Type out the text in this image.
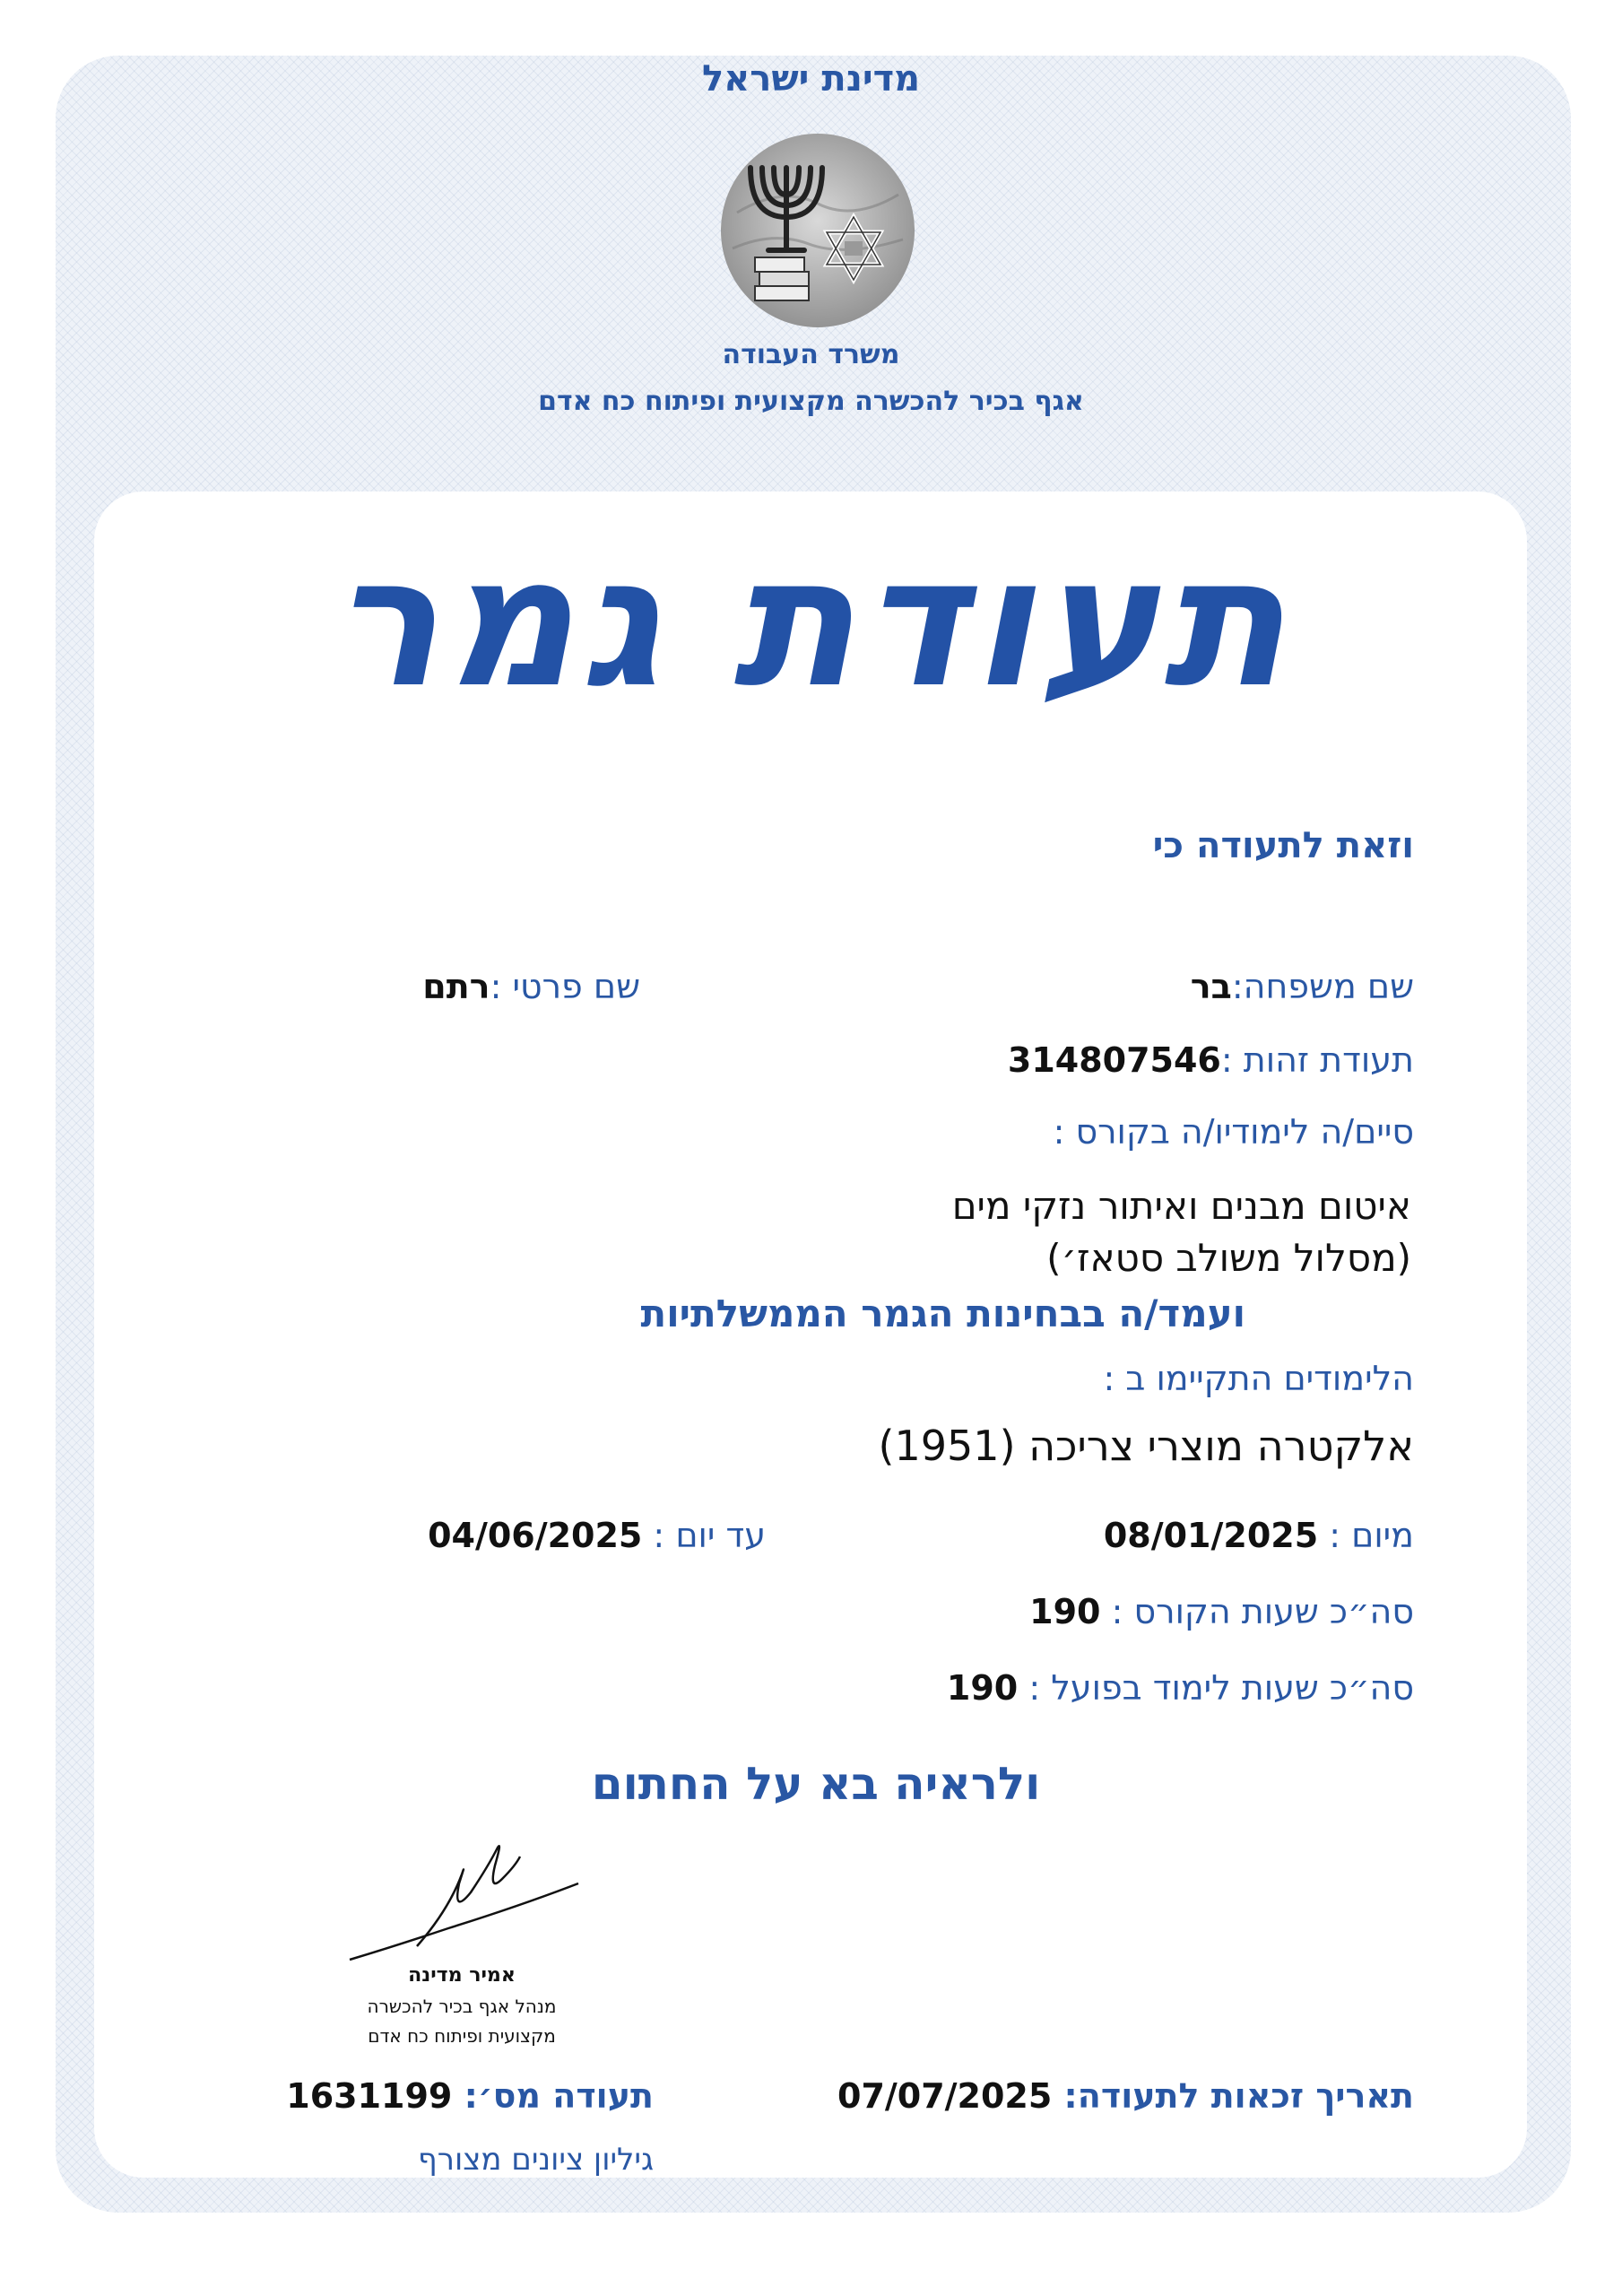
מדינת ישראל
משרד העבודה
אגף בכיר להכשרה מקצועית ופיתוח כח אדם
תעודת גמר
וזאת לתעודה כי
שם משפחה:בר
שם פרטי :רתם
תעודת זהות :314807546
סיים/ה לימודיו/ה בקורס :
איטום מבנים ואיתור נזקי מים
(מסלול משולב סטאז׳)
ועמד/ה בבחינות הגמר הממשלתיות
הלימודים התקיימו ב :
אלקטרה מוצרי צריכה (1951)
מיום : 08/01/2025
עד יום : 04/06/2025
סה״כ שעות הקורס : 190
סה״כ שעות לימוד בפועל : 190
ולראיה בא על החתום
אמיר מדינה
מנהל אגף בכיר להכשרה
מקצועית ופיתוח כח אדם
תאריך זכאות לתעודה: 07/07/2025
תעודה מס׳: 1631199
גיליון ציונים מצורף
